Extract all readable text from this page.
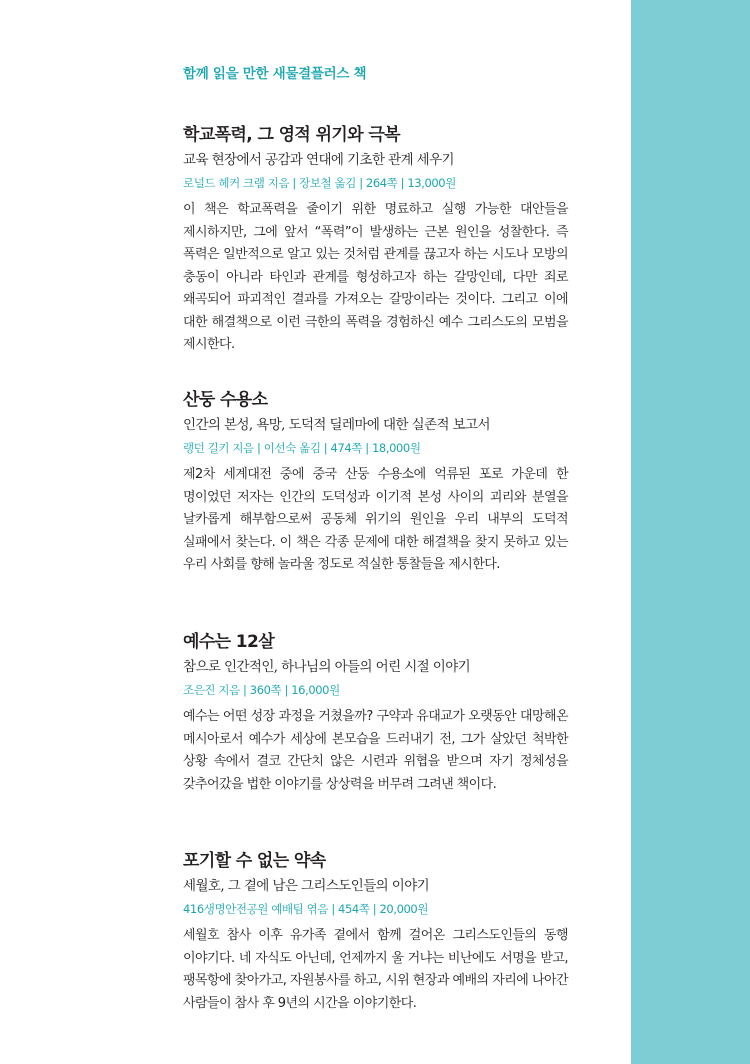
함께 읽을 만한 새물결플러스 책
학교폭력, 그 영적 위기와 극복
교육 현장에서 공감과 연대에 기초한 관계 세우기
로널드 헤커 크램 지음 | 장보철 옮김 | 264쪽 | 13,000원
이 책은 학교폭력을 줄이기 위한 명료하고 실행 가능한 대안들을 제시하지만, 그에 앞서 “폭력”이 발생하는 근본 원인을 성찰한다. 즉 폭력은 일반적으로 알고 있는 것처럼 관계를 끊고자 하는 시도나 모방의 충동이 아니라 타인과 관계를 형성하고자 하는 갈망인데, 다만 죄로 왜곡되어 파괴적인 결과를 가져오는 갈망이라는 것이다. 그리고 이에 대한 해결책으로 이런 극한의 폭력을 경험하신 예수 그리스도의 모범을 제시한다.
산둥 수용소
인간의 본성, 욕망, 도덕적 딜레마에 대한 실존적 보고서
랭던 길키 지음 | 이선숙 옮김 | 474쪽 | 18,000원
제2차 세계대전 중에 중국 산둥 수용소에 억류된 포로 가운데 한 명이었던 저자는 인간의 도덕성과 이기적 본성 사이의 괴리와 분열을 날카롭게 해부함으로써 공동체 위기의 원인을 우리 내부의 도덕적 실패에서 찾는다. 이 책은 각종 문제에 대한 해결책을 찾지 못하고 있는 우리 사회를 향해 놀라울 정도로 적실한 통찰들을 제시한다.
예수는 12살
참으로 인간적인, 하나님의 아들의 어린 시절 이야기
조은진 지음 | 360쪽 | 16,000원
예수는 어떤 성장 과정을 거쳤을까? 구약과 유대교가 오랫동안 대망해온 메시아로서 예수가 세상에 본모습을 드러내기 전, 그가 살았던 척박한 상황 속에서 결코 간단치 않은 시련과 위협을 받으며 자기 정체성을 갖추어갔을 법한 이야기를 상상력을 버무려 그려낸 책이다.
포기할 수 없는 약속
세월호, 그 곁에 남은 그리스도인들의 이야기
416생명안전공원 예배팀 엮음 | 454쪽 | 20,000원
세월호 참사 이후 유가족 곁에서 함께 걸어온 그리스도인들의 동행 이야기다. 네 자식도 아닌데, 언제까지 울 거냐는 비난에도 서명을 받고, 팽목항에 찾아가고, 자원봉사를 하고, 시위 현장과 예배의 자리에 나아간 사람들이 참사 후 9년의 시간을 이야기한다.
